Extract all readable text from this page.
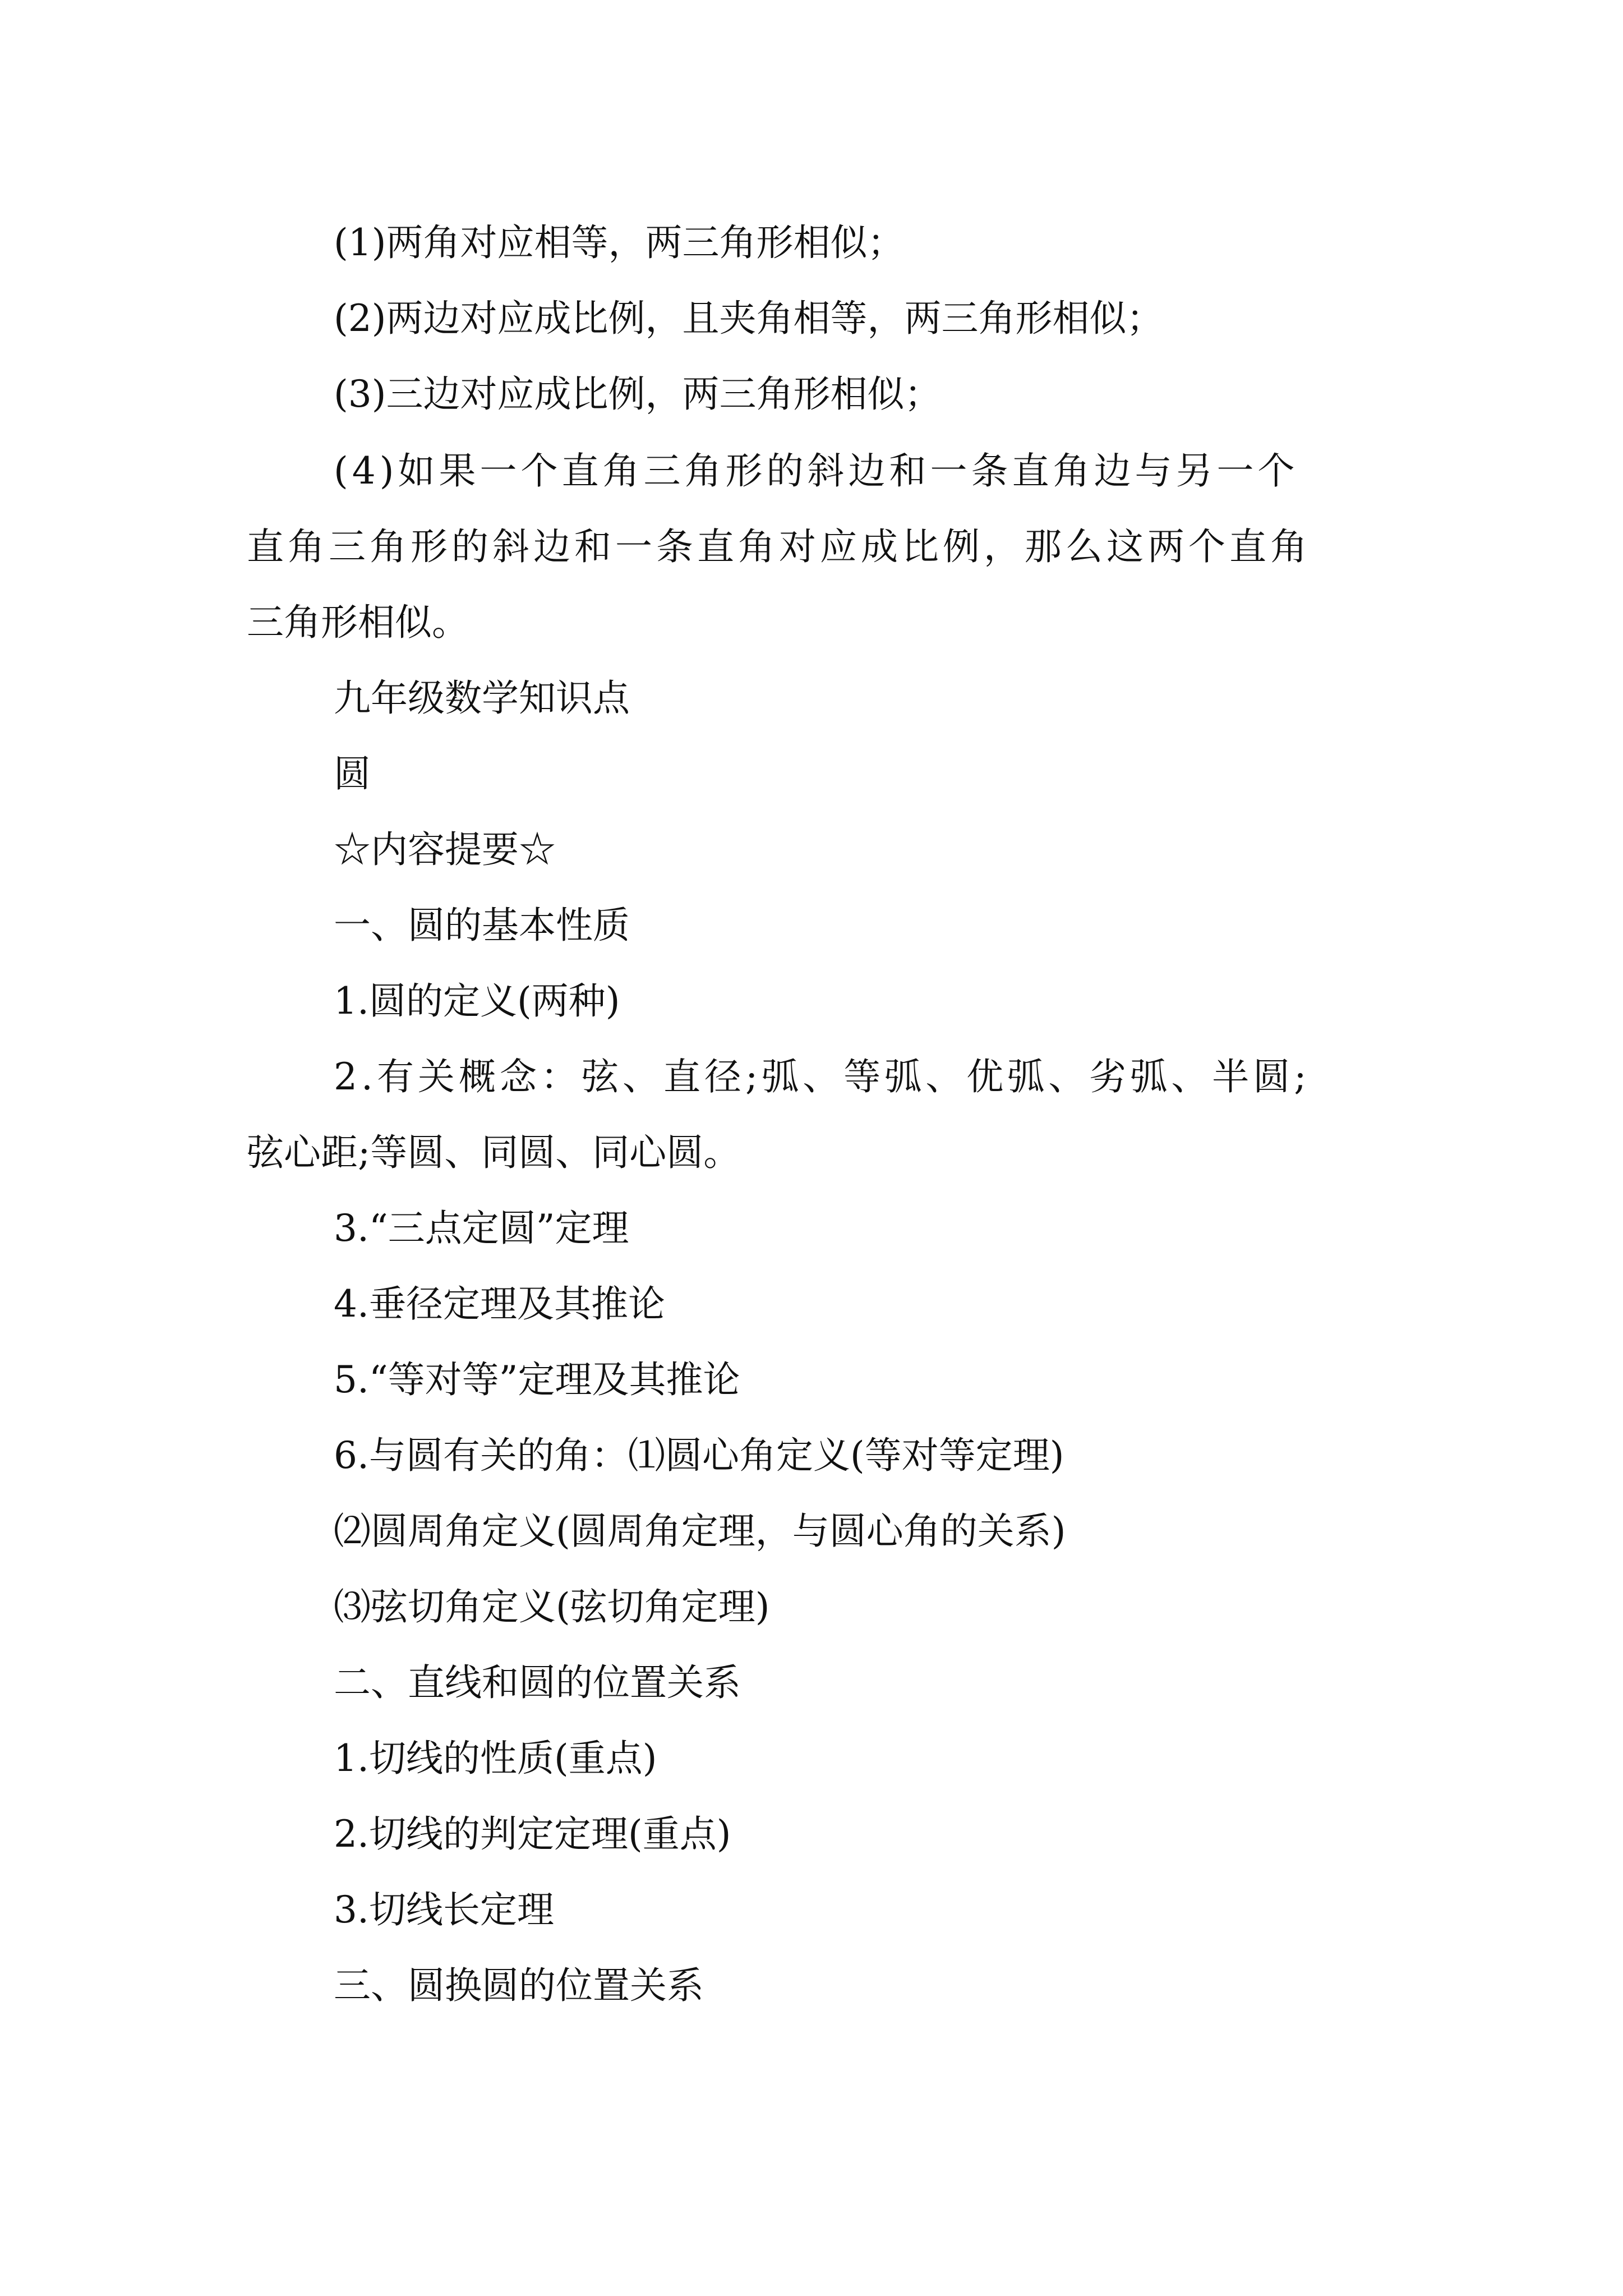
(1)两角对应相等，两三角形相似；
(2)两边对应成比例，且夹角相等，两三角形相似；
(3)三边对应成比例，两三角形相似；
(4)如果一个直角三角形的斜边和一条直角边与另一个
直角三角形的斜边和一条直角对应成比例，那么这两个直角
三角形相似。
九年级数学知识点
圆
☆内容提要☆
一、圆的基本性质
1.圆的定义(两种)
2.有关概念：弦、直径;弧、等弧、优弧、劣弧、半圆;
弦心距;等圆、同圆、同心圆。
3.“三点定圆”定理
4.垂径定理及其推论
5.“等对等”定理及其推论
6.与圆有关的角：⑴圆心角定义(等对等定理)
⑵圆周角定义(圆周角定理，与圆心角的关系)
⑶弦切角定义(弦切角定理)
二、直线和圆的位置关系
1.切线的性质(重点)
2.切线的判定定理(重点)
3.切线长定理
三、圆换圆的位置关系
